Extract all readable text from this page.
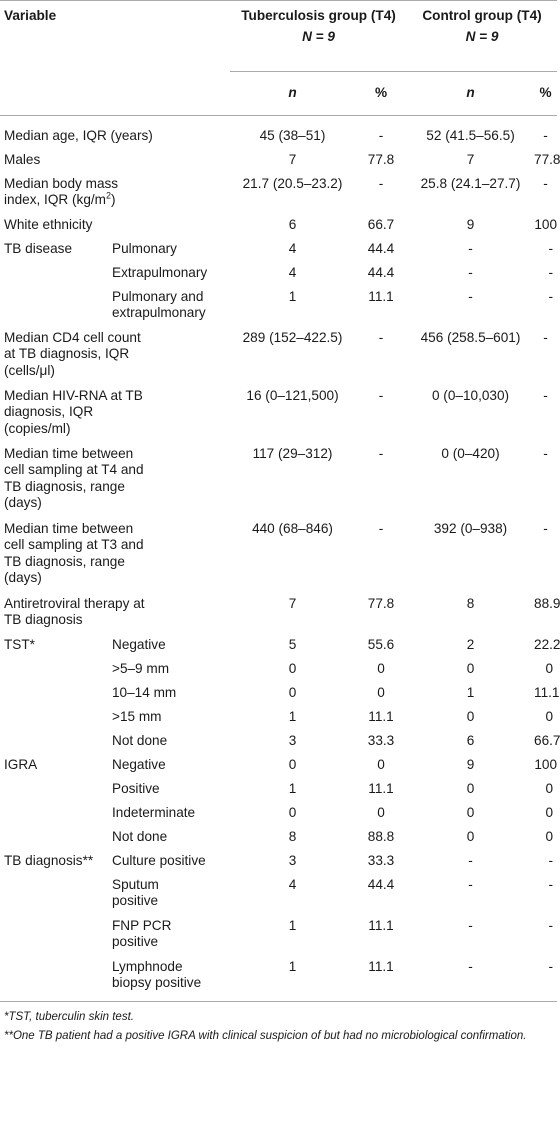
Variable		Tuberculosis group (T4)		Control group (T4)	
		N = 9		N = 9	
		n	%	n	%
Median age, IQR (years)		45 (38–51)	-	52 (41.5–56.5)	-
Males		7	77.8	7	77.8

Median body mass
index, IQR $(kg/m^2)$		21.7 (20.5–23.2)	-	25.8 (24.1–27.7)	-
White ethnicity		6	66.7	9	100
TB disease	Pulmonary	4	44.4	-	-
	Extrapulmonary	4	44.4	-	-

	Pulmonary and
extrapulmonary	1	11.1	-	-

Median CD4 cell count
at TB diagnosis, IQR
(cells/μl)		289 (152–422.5)	-	456 (258.5–601)	-

Median HIV-RNA at TB
diagnosis, IQR
(copies/ml)		16 (0–121,500)	-	0 (0–10,030)	-

Median time between
cell sampling at T4 and
TB diagnosis, range
(days)		117 (29–312)	-	0 (0–420)	-

Median time between
cell sampling at T3 and
TB diagnosis, range
(days)		440 (68–846)	-	392 (0–938)	-

Antiretroviral therapy at
TB diagnosis		7	77.8	8	88.9
TST*	Negative	5	55.6	2	22.2
	>5–9 mm	0	0	0	0
	10–14 mm	0	0	1	11.1
	>15 mm	1	11.1	0	0
	Not done	3	33.3	6	66.7
IGRA	Negative	0	0	9	100
	Positive	1	11.1	0	0
	Indeterminate	0	0	0	0
	Not done	8	88.8	0	0
TB diagnosis**	Culture positive	3	33.3	-	-

	Sputum
positive	4	44.4	-	-

	FNP PCR
positive	1	11.1	-	-

	Lymphnode
biopsy positive	1	11.1	-	-

*TST, tuberculin skin test.

**One TB patient had a positive IGRA with clinical suspicion of but had no microbiological confirmation.					
